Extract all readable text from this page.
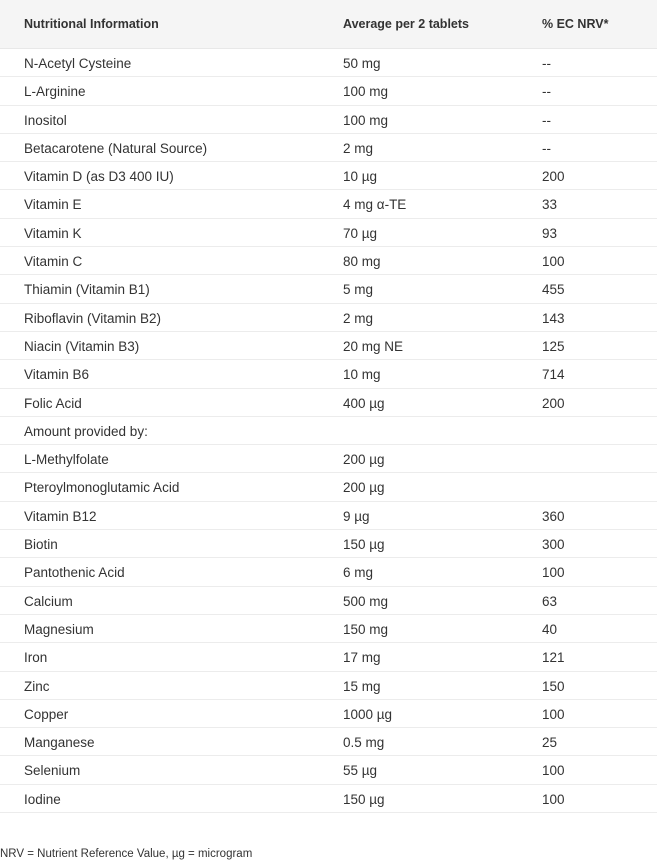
Nutritional Information	Average per 2 tablets	% EC NRV*
N-Acetyl Cysteine	50 mg	--
L-Arginine	100 mg	--
Inositol	100 mg	--
Betacarotene (Natural Source)	2 mg	--
Vitamin D (as D3 400 IU)	10 µg	200
Vitamin E	4 mg α-TE	33
Vitamin K	70 µg	93
Vitamin C	80 mg	100
Thiamin (Vitamin B1)	5 mg	455
Riboflavin (Vitamin B2)	2 mg	143
Niacin (Vitamin B3)	20 mg NE	125
Vitamin B6	10 mg	714
Folic Acid	400 µg	200
Amount provided by:
L-Methylfolate	200 µg
Pteroylmonoglutamic Acid	200 µg
Vitamin B12	9 µg	360
Biotin	150 µg	300
Pantothenic Acid	6 mg	100
Calcium	500 mg	63
Magnesium	150 mg	40
Iron	17 mg	121
Zinc	15 mg	150
Copper	1000 µg	100
Manganese	0.5 mg	25
Selenium	55 µg	100
Iodine	150 µg	100
NRV = Nutrient Reference Value, µg = microgram
